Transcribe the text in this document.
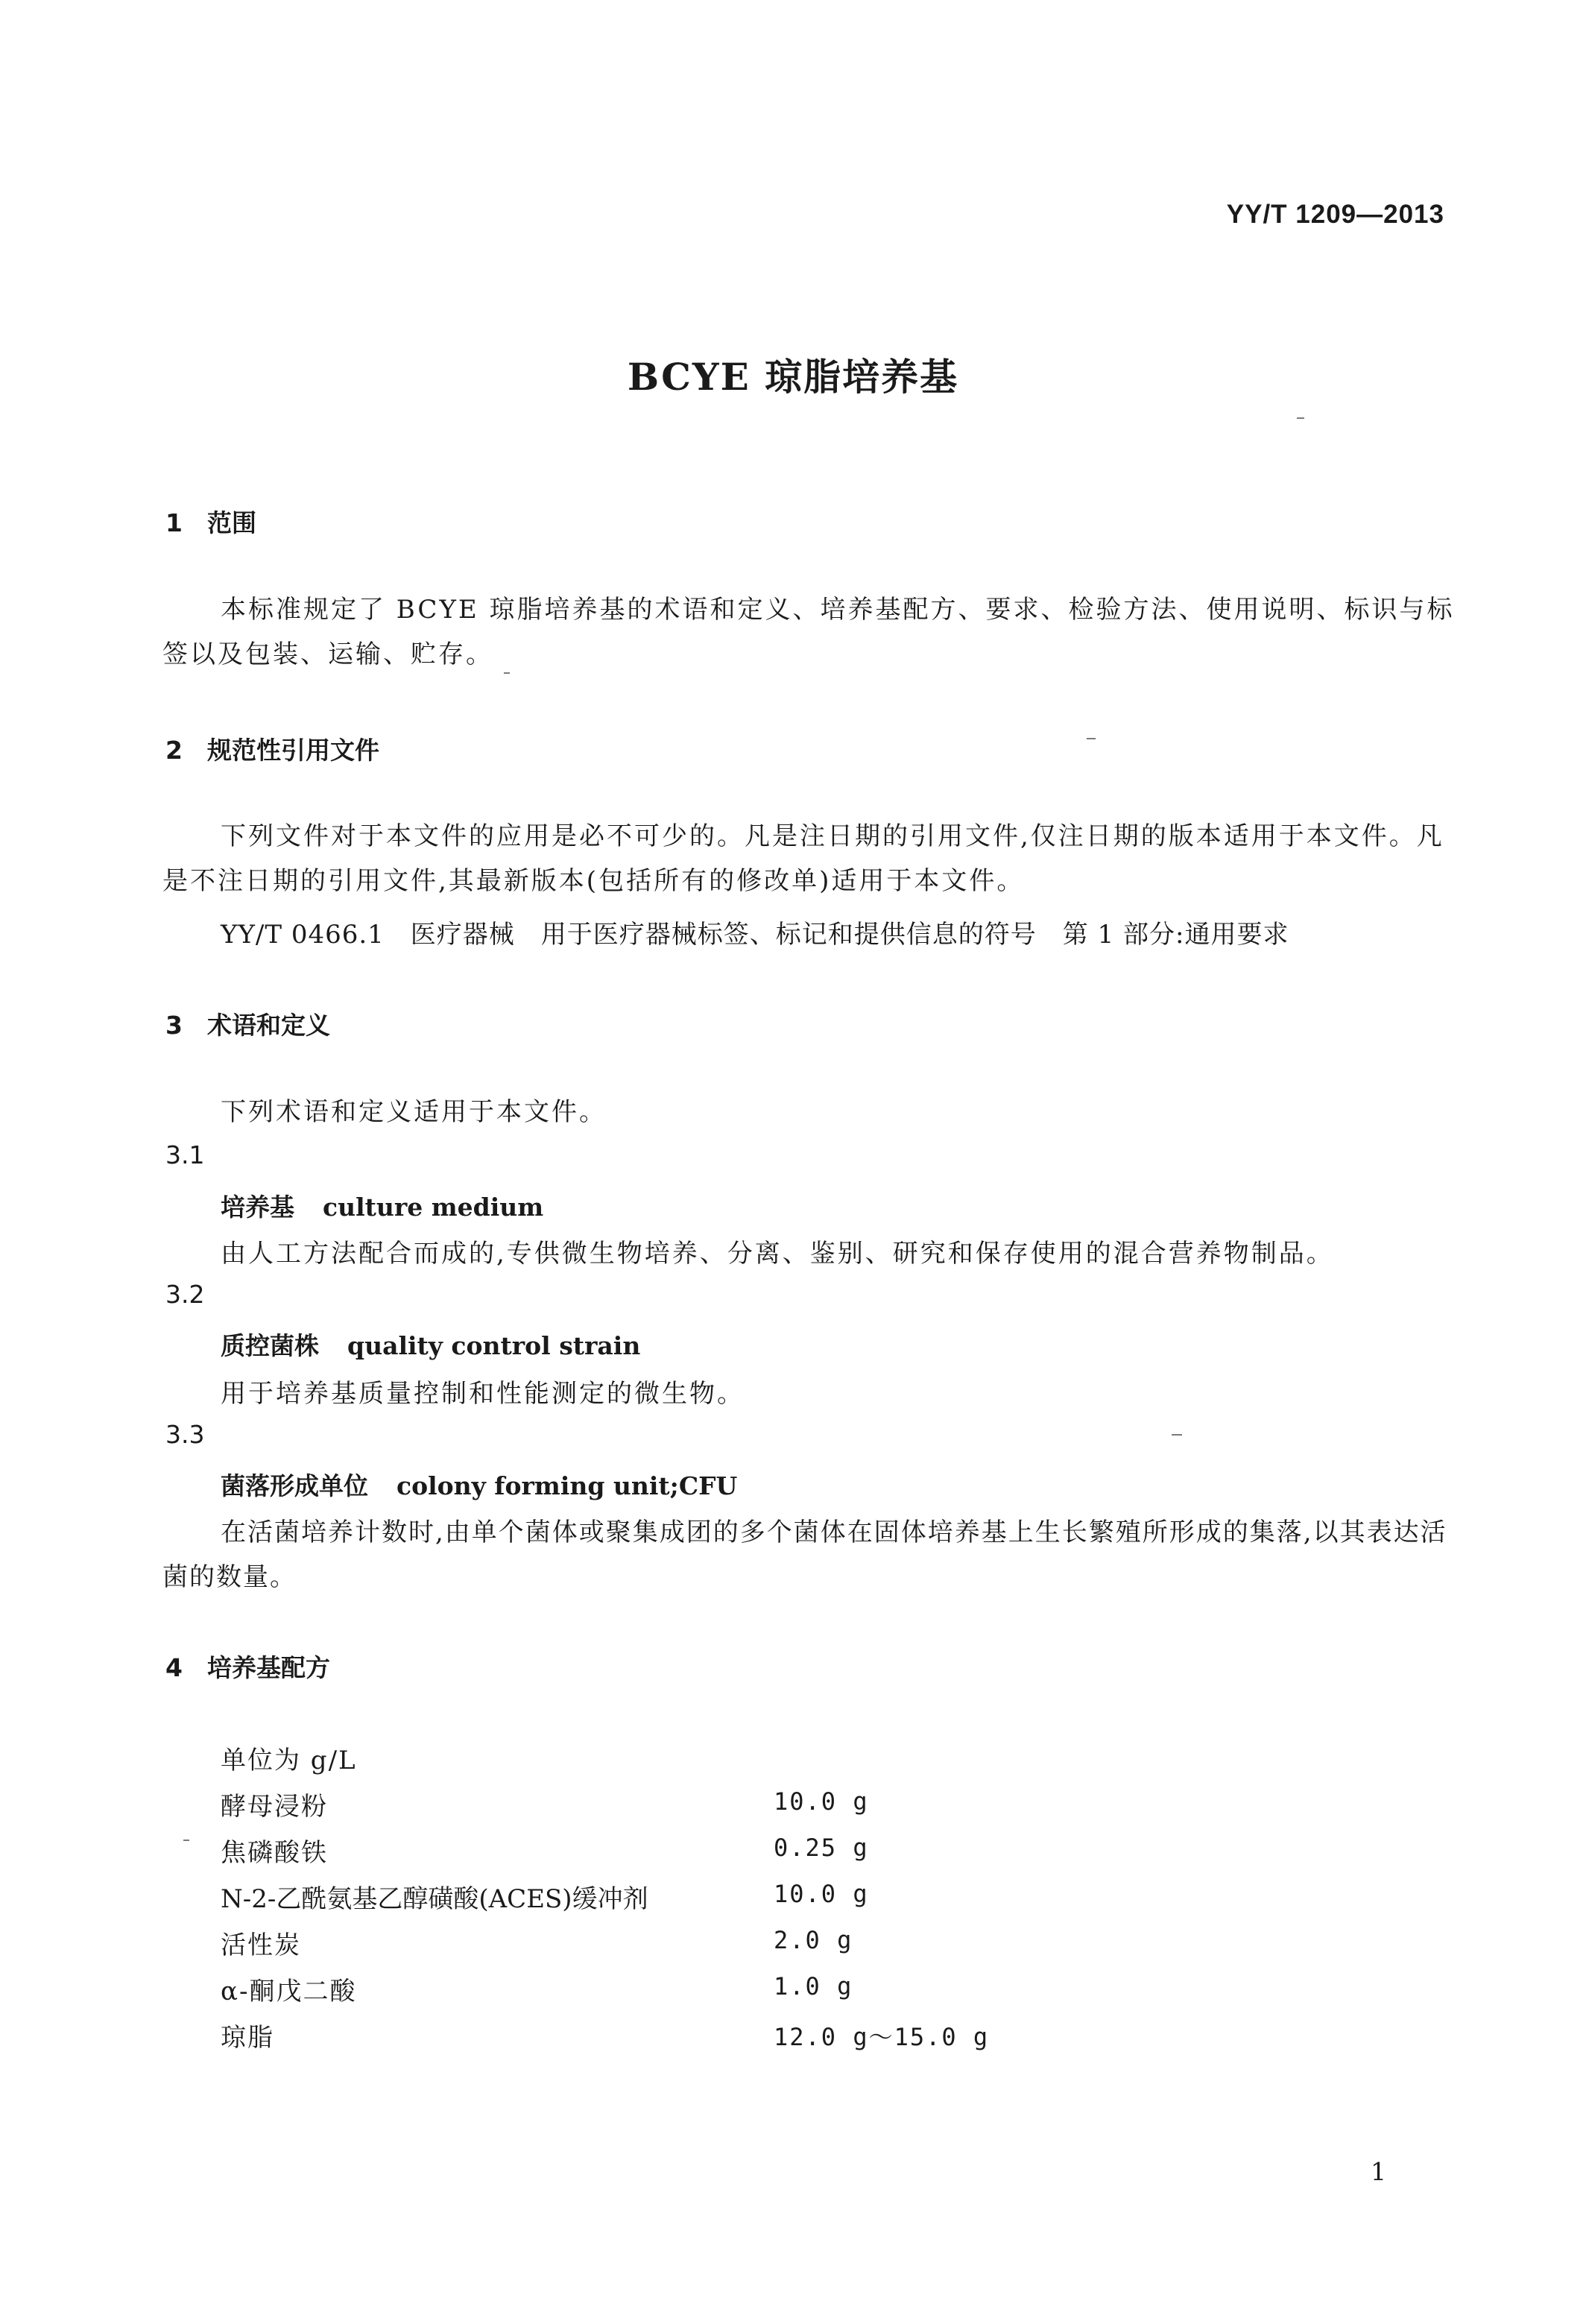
YY/T 1209—2013
BCYE 琼脂培养基
1 范围
本标准规定了 BCYE 琼脂培养基的术语和定义、培养基配方、要求、检验方法、使用说明、标识与标签以及包装、运输、贮存。
2 规范性引用文件
下列文件对于本文件的应用是必不可少的。凡是注日期的引用文件,仅注日期的版本适用于本文件。凡是不注日期的引用文件,其最新版本(包括所有的修改单)适用于本文件。
YY/T 0466.1　医疗器械　用于医疗器械标签、标记和提供信息的符号　第 1 部分:通用要求
3 术语和定义
下列术语和定义适用于本文件。
3.1
培养基 culture medium
由人工方法配合而成的,专供微生物培养、分离、鉴别、研究和保存使用的混合营养物制品。
3.2
质控菌株 quality control strain
用于培养基质量控制和性能测定的微生物。
3.3
菌落形成单位 colony forming unit;CFU
在活菌培养计数时,由单个菌体或聚集成团的多个菌体在固体培养基上生长繁殖所形成的集落,以其表达活菌的数量。
4 培养基配方
单位为 g/L
酵母浸粉	10.0 g
焦磷酸铁	0.25 g
N-2-乙酰氨基乙醇磺酸(ACES)缓冲剂	10.0 g
活性炭	2.0 g
α-酮戊二酸	1.0 g
琼脂	12.0 g～15.0 g
1
